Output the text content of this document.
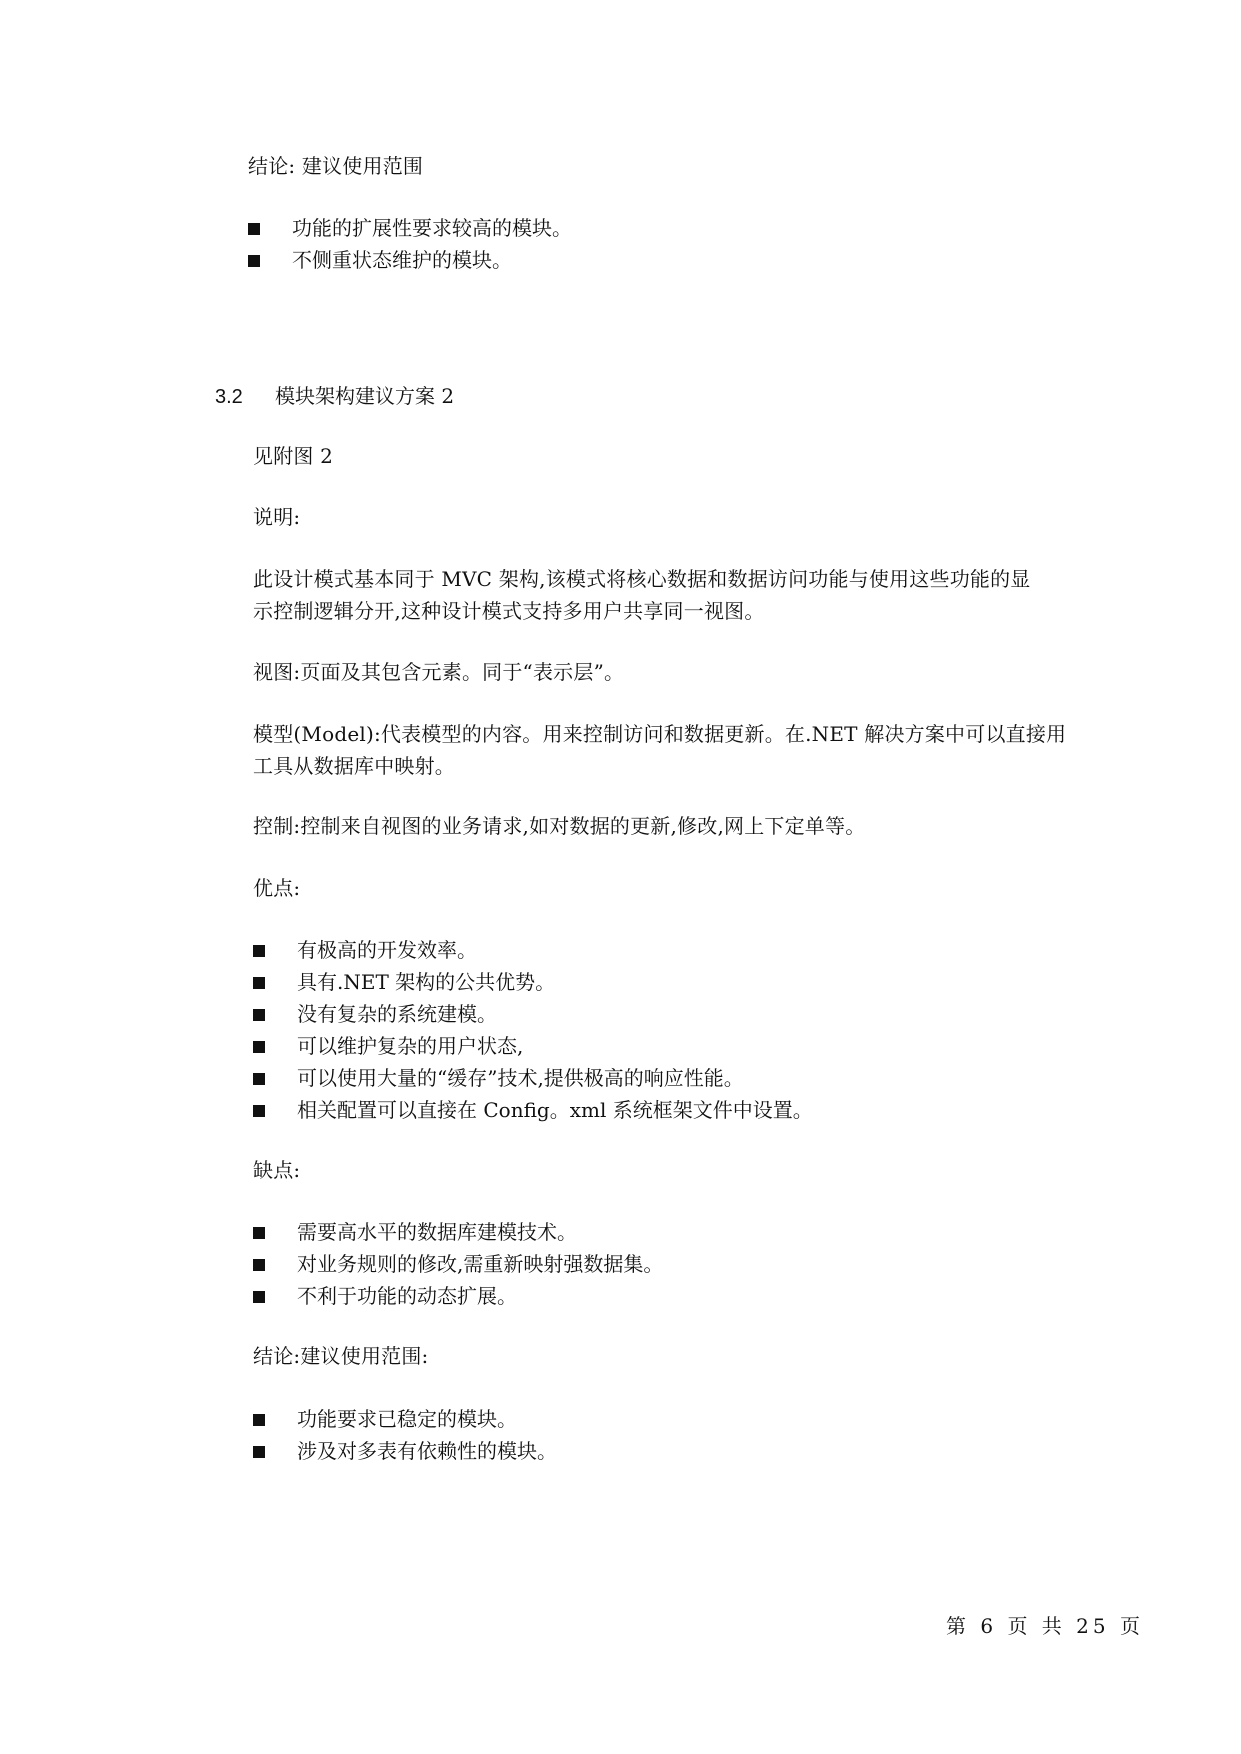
结论: 建议使用范围
功能的扩展性要求较高的模块。
不侧重状态维护的模块。
3.2 模块架构建议方案 2
见附图 2
说明:
此设计模式基本同于 MVC 架构,该模式将核心数据和数据访问功能与使用这些功能的显
示控制逻辑分开,这种设计模式支持多用户共享同一视图。
视图:页面及其包含元素。同于“表示层”。
模型(Model):代表模型的内容。用来控制访问和数据更新。在.NET 解决方案中可以直接用
工具从数据库中映射。
控制:控制来自视图的业务请求,如对数据的更新,修改,网上下定单等。
优点:
有极高的开发效率。
具有.NET 架构的公共优势。
没有复杂的系统建模。
可以维护复杂的用户状态,
可以使用大量的“缓存”技术,提供极高的响应性能。
相关配置可以直接在 Config。xml 系统框架文件中设置。
缺点:
需要高水平的数据库建模技术。
对业务规则的修改,需重新映射强数据集。
不利于功能的动态扩展。
结论:建议使用范围:
功能要求已稳定的模块。
涉及对多表有依赖性的模块。
第 6 页 共 25 页
